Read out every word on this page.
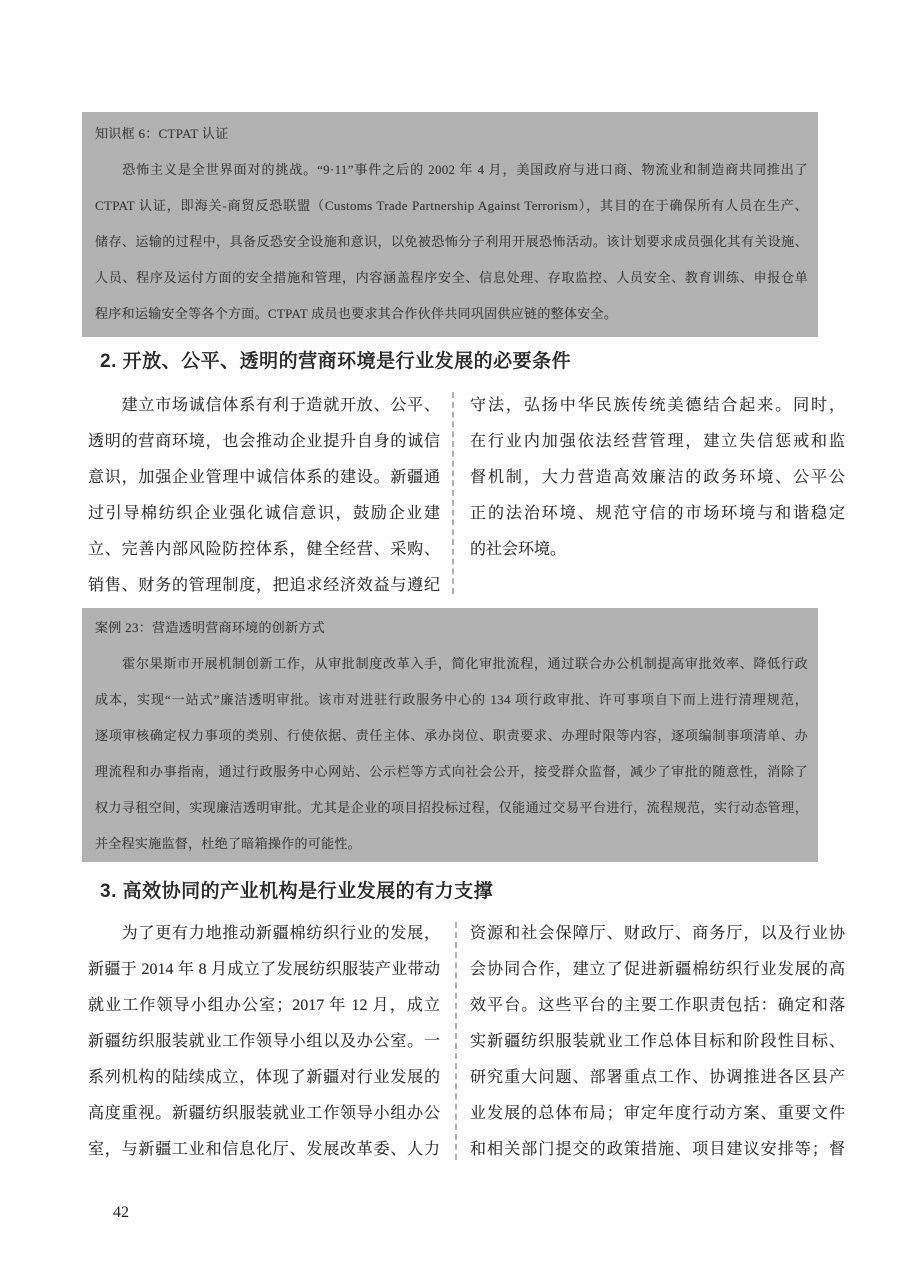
知识框 6：CTPAT 认证
恐怖主义是全世界面对的挑战。“9·11”事件之后的 2002 年 4 月，美国政府与进口商、物流业和制造商共同推出了
CTPAT 认证，即海关-商贸反恐联盟（Customs Trade Partnership Against Terrorism），其目的在于确保所有人员在生产、
储存、运输的过程中，具备反恐安全设施和意识，以免被恐怖分子利用开展恐怖活动。该计划要求成员强化其有关设施、
人员、程序及运付方面的安全措施和管理，内容涵盖程序安全、信息处理、存取监控、人员安全、教育训练、申报仓单
程序和运输安全等各个方面。CTPAT 成员也要求其合作伙伴共同巩固供应链的整体安全。
2. 开放、公平、透明的营商环境是行业发展的必要条件
建立市场诚信体系有利于造就开放、公平、
透明的营商环境，也会推动企业提升自身的诚信
意识，加强企业管理中诚信体系的建设。新疆通
过引导棉纺织企业强化诚信意识，鼓励企业建
立、完善内部风险防控体系，健全经营、采购、
销售、财务的管理制度，把追求经济效益与遵纪
守法，弘扬中华民族传统美德结合起来。同时，
在行业内加强依法经营管理，建立失信惩戒和监
督机制，大力营造高效廉洁的政务环境、公平公
正的法治环境、规范守信的市场环境与和谐稳定
的社会环境。
案例 23：营造透明营商环境的创新方式
霍尔果斯市开展机制创新工作，从审批制度改革入手，简化审批流程，通过联合办公机制提高审批效率、降低行政
成本，实现“一站式”廉洁透明审批。该市对进驻行政服务中心的 134 项行政审批、许可事项自下而上进行清理规范，
逐项审核确定权力事项的类别、行使依据、责任主体、承办岗位、职责要求、办理时限等内容，逐项编制事项清单、办
理流程和办事指南，通过行政服务中心网站、公示栏等方式向社会公开，接受群众监督，减少了审批的随意性，消除了
权力寻租空间，实现廉洁透明审批。尤其是企业的项目招投标过程，仅能通过交易平台进行，流程规范，实行动态管理，
并全程实施监督，杜绝了暗箱操作的可能性。
3. 高效协同的产业机构是行业发展的有力支撑
为了更有力地推动新疆棉纺织行业的发展，
新疆于 2014 年 8 月成立了发展纺织服装产业带动
就业工作领导小组办公室；2017 年 12 月，成立
新疆纺织服装就业工作领导小组以及办公室。一
系列机构的陆续成立，体现了新疆对行业发展的
高度重视。新疆纺织服装就业工作领导小组办公
室，与新疆工业和信息化厅、发展改革委、人力
资源和社会保障厅、财政厅、商务厅，以及行业协
会协同合作，建立了促进新疆棉纺织行业发展的高
效平台。这些平台的主要工作职责包括：确定和落
实新疆纺织服装就业工作总体目标和阶段性目标、
研究重大问题、部署重点工作、协调推进各区县产
业发展的总体布局；审定年度行动方案、重要文件
和相关部门提交的政策措施、项目建议安排等；督
42
